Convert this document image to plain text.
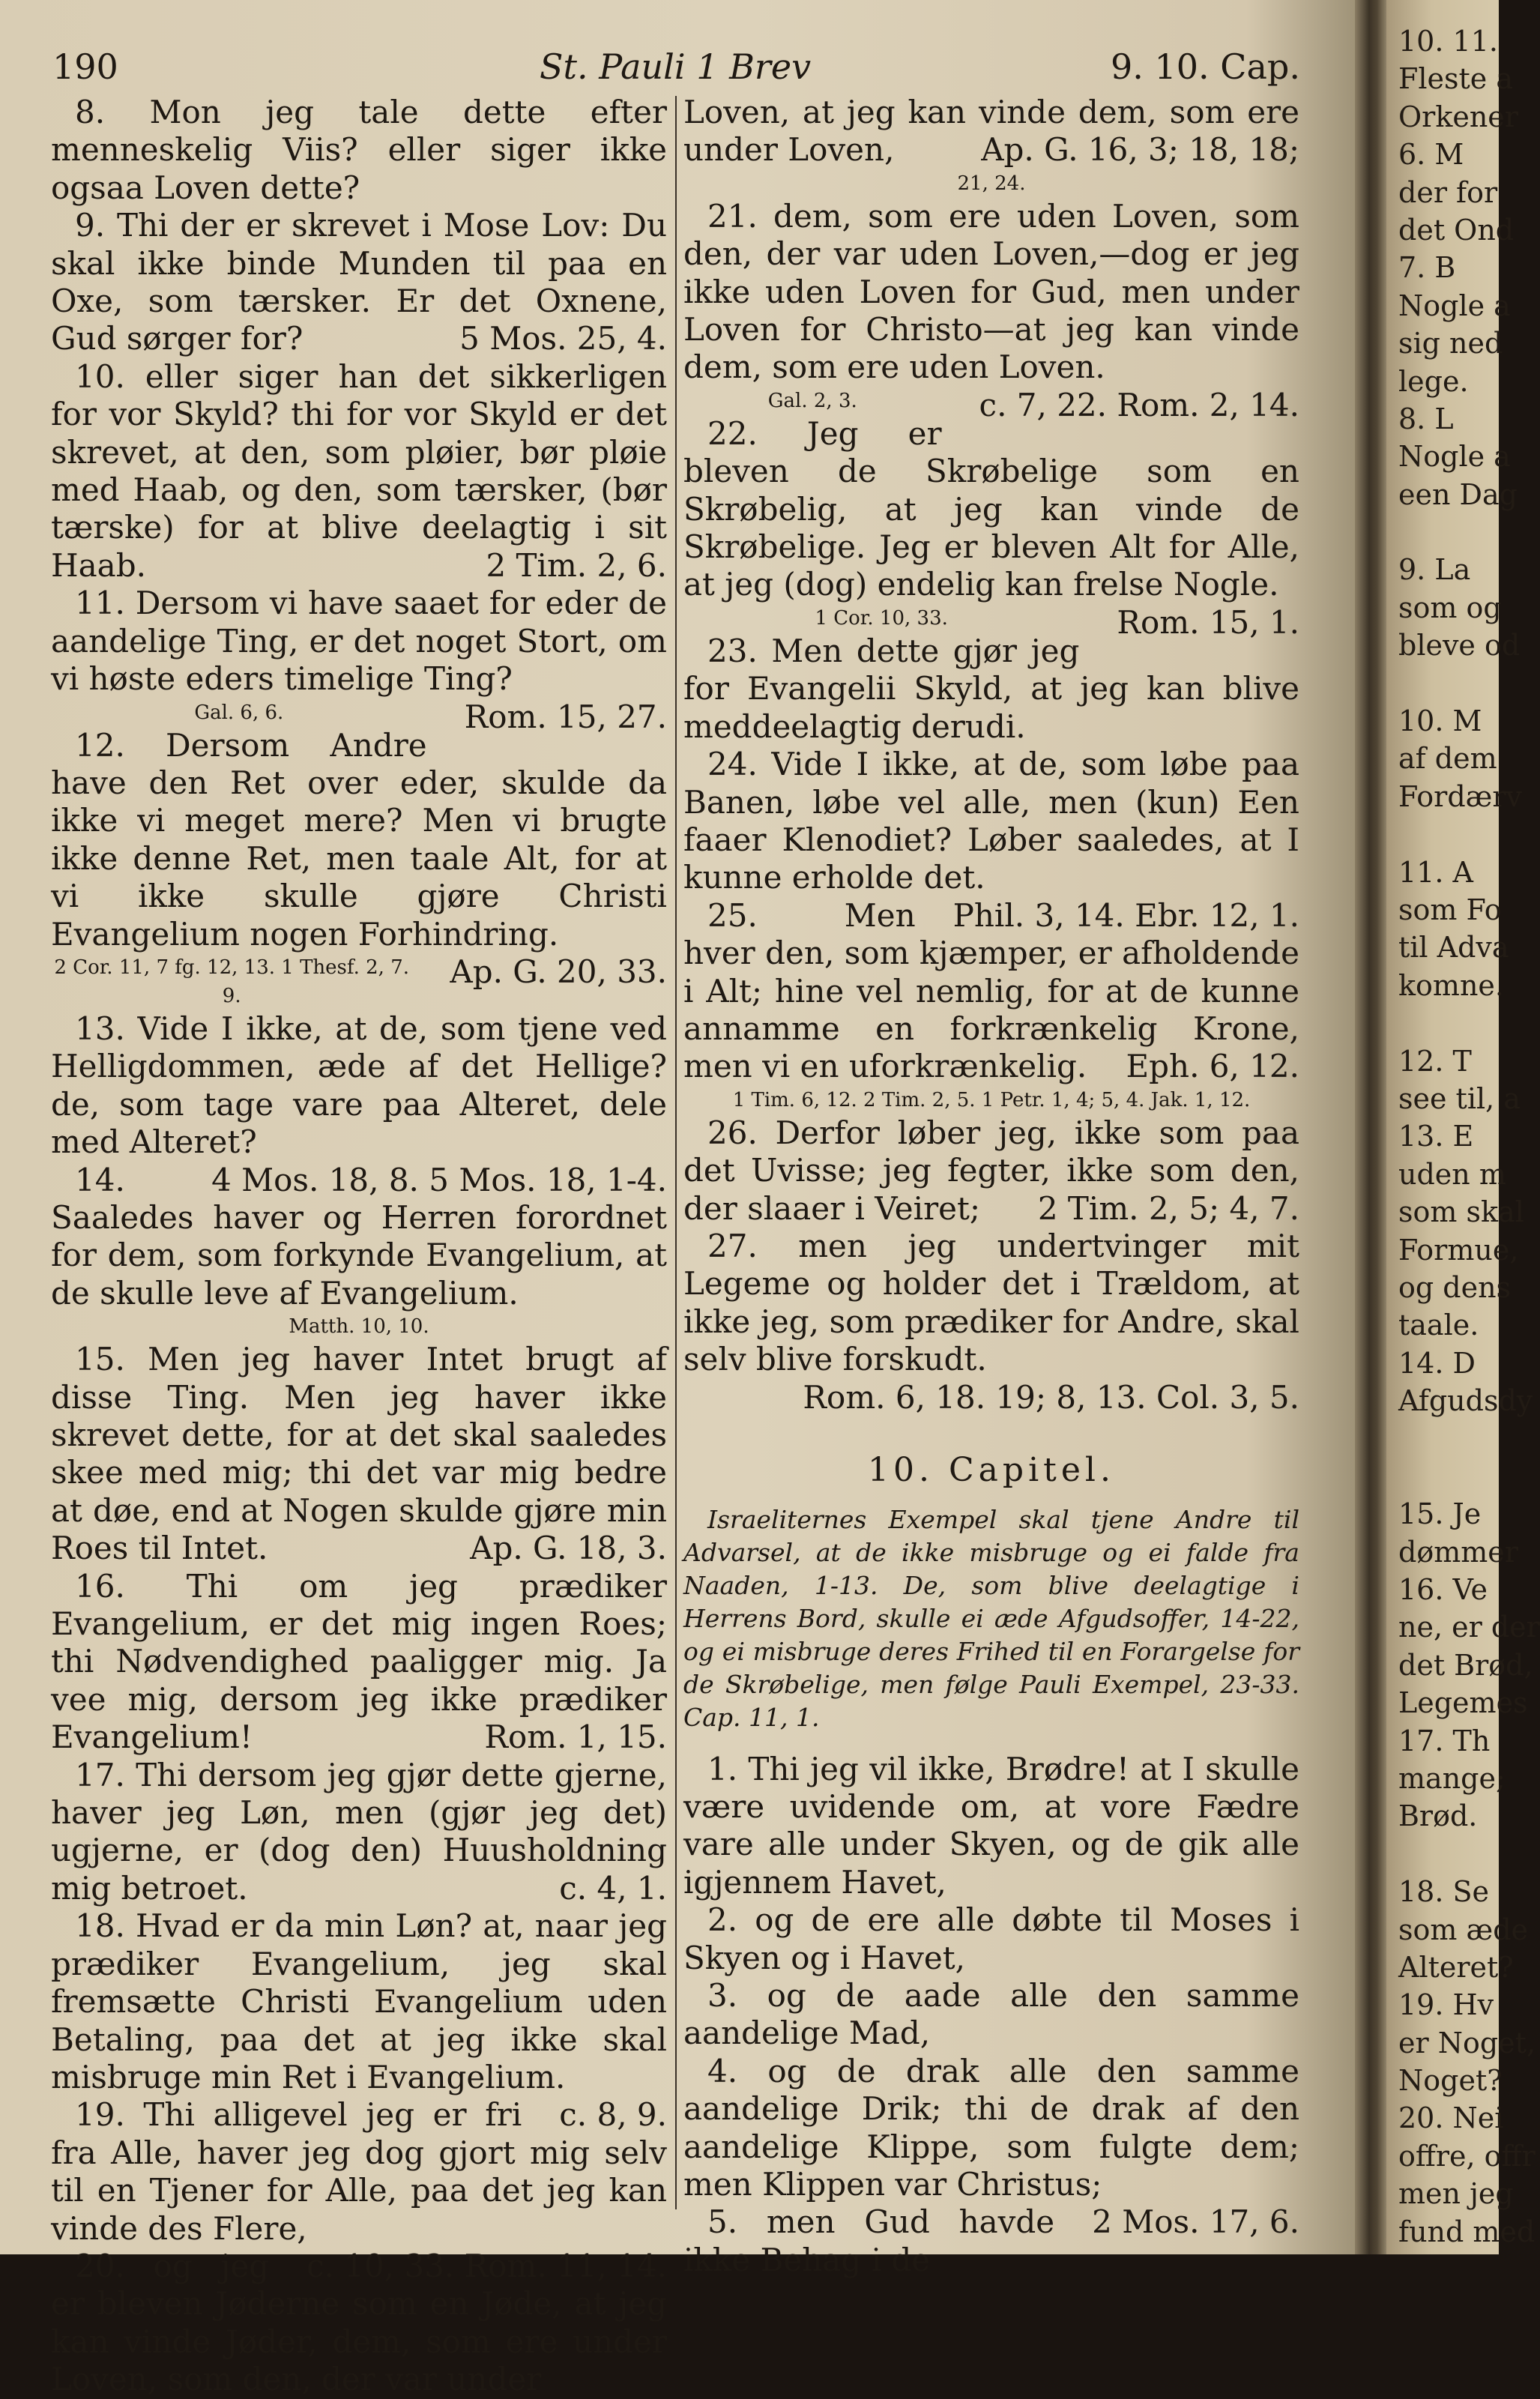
190	St. Pauli 1 Brev	9. 10. Cap.

8. Mon jeg tale dette efter menneskelig Viis? eller siger ikke ogsaa Loven dette?

9. Thi der er skrevet i Mose Lov: Du skal ikke binde Munden til paa en Oxe, som tærsker. Er det Oxnene, Gud sørger for?	5 Mos. 25, 4.

10. eller siger han det sikkerligen for vor Skyld? thi for vor Skyld er det skrevet, at den, som pløier, bør pløie med Haab, og den, som tærsker, (bør tærske) for at blive deelagtig i sit Haab.	2 Tim. 2, 6.

11. Dersom vi have saaet for eder de aandelige Ting, er det noget Stort, om vi høste eders timelige Ting?
Rom. 15, 27.

Gal. 6, 6.

12. Dersom Andre have den Ret over eder, skulde da ikke vi meget mere? Men vi brugte ikke denne Ret, men taale Alt, for at vi ikke skulle gjøre Christi Evangelium nogen Forhindring.
Ap. G. 20, 33.

2 Cor. 11, 7 fg. 12, 13. 1 Thesf. 2, 7. 9.

13. Vide I ikke, at de, som tjene ved Helligdommen, æde af det Hellige? de, som tage vare paa Alteret, dele med Alteret?
4 Mos. 18, 8. 5 Mos. 18, 1-4.

14. Saaledes haver og Herren forordnet for dem, som forkynde Evangelium, at de skulle leve af Evangelium.

Matth. 10, 10.

15. Men jeg haver Intet brugt af disse Ting. Men jeg haver ikke skrevet dette, for at det skal saaledes skee med mig; thi det var mig bedre at døe, end at Nogen skulde gjøre min Roes til Intet.	Ap. G. 18, 3.

16. Thi om jeg prædiker Evangelium, er det mig ingen Roes; thi Nødvendighed paaligger mig. Ja vee mig, dersom jeg ikke prædiker Evangelium!	Rom. 1, 15.

17. Thi dersom jeg gjør dette gjerne, haver jeg Løn, men (gjør jeg det) ugjerne, er (dog den) Huusholdning mig betroet.	c. 4, 1.

18. Hvad er da min Løn? at, naar jeg prædiker Evangelium, jeg skal fremsætte Christi Evangelium uden Betaling, paa det at jeg ikke skal misbruge min Ret i Evangelium.
c. 8, 9.

19. Thi alligevel jeg er fri fra Alle, haver jeg dog gjort mig selv til en Tjener for Alle, paa det jeg kan vinde des Flere,
c. 10, 33. Rom. 11, 14.

20. og jeg er bleven Jøderne som en Jøde, at jeg kan vinde Jøder, dem, som ere under Loven, som den, der var under

Loven, at jeg kan vinde dem, som ere under Loven,	Ap. G. 16, 3; 18, 18;

21, 24.

21. dem, som ere uden Loven, som den, der var uden Loven,—dog er jeg ikke uden Loven for Gud, men under Loven for Christo—at jeg kan vinde dem, som ere uden Loven.
c. 7, 22. Rom. 2, 14.

Gal. 2, 3.

22. Jeg er bleven de Skrøbelige som en Skrøbelig, at jeg kan vinde de Skrøbelige. Jeg er bleven Alt for Alle, at jeg (dog) endelig kan frelse Nogle.
Rom. 15, 1.

1 Cor. 10, 33.

23. Men dette gjør jeg for Evangelii Skyld, at jeg kan blive meddeelagtig derudi.

24. Vide I ikke, at de, som løbe paa Banen, løbe vel alle, men (kun) Een faaer Klenodiet? Løber saaledes, at I kunne erholde det.
Phil. 3, 14. Ebr. 12, 1.

25. Men hver den, som kjæmper, er afholdende i Alt; hine vel nemlig, for at de kunne annamme en forkrænkelig Krone, men vi en uforkrænkelig.	Eph. 6, 12.

1 Tim. 6, 12. 2 Tim. 2, 5. 1 Petr. 1, 4; 5, 4. Jak. 1, 12.

26. Derfor løber jeg, ikke som paa det Uvisse; jeg fegter, ikke som den, der slaaer i Veiret;	2 Tim. 2, 5; 4, 7.

27. men jeg undertvinger mit Legeme og holder det i Trældom, at ikke jeg, som prædiker for Andre, skal selv blive forskudt.
Rom. 6, 18. 19; 8, 13. Col. 3, 5.

10. Capitel.

Israeliternes Exempel skal tjene Andre til Advarsel, at de ikke misbruge og ei falde fra Naaden, 1-13. De, som blive deelagtige i Herrens Bord, skulle ei æde Afgudsoffer, 14-22, og ei misbruge deres Frihed til en Forargelse for de Skrøbelige, men følge Pauli Exempel, 23-33. Cap. 11, 1.

1. Thi jeg vil ikke, Brødre! at I skulle være uvidende om, at vore Fædre vare alle under Skyen, og de gik alle igjennem Havet,

2. og de ere alle døbte til Moses i Skyen og i Havet,

3. og de aade alle den samme aandelige Mad,

4. og de drak alle den samme aandelige Drik; thi de drak af den aandelige Klippe, som fulgte dem; men Klippen var Christus;
2 Mos. 17, 6.

5. men Gud havde ikke Behag i de

10. 11.
Fleste a
Orkener
6. M
der for
det Ond
7. B
Nogle a
sig ned
lege.
8. L
Nogle a
een Dag
9. La
som og
bleve od
10. M
af dem
Fordærv
11. A
som Fo
til Adva
komne.
12. T
see til, a
13. E
uden m
som skal
Formue,
og dens
taale.
14. D
Afgudsdy
15. Je
dømmer
16. Ve
ne, er der
det Brød,
Legemes
17. Th
mange;
Brød.
18. Se
som æde
Alteret?
19. Hv
er Noget,
Noget?
20. Nei
offre, offr
men jeg
fund med
